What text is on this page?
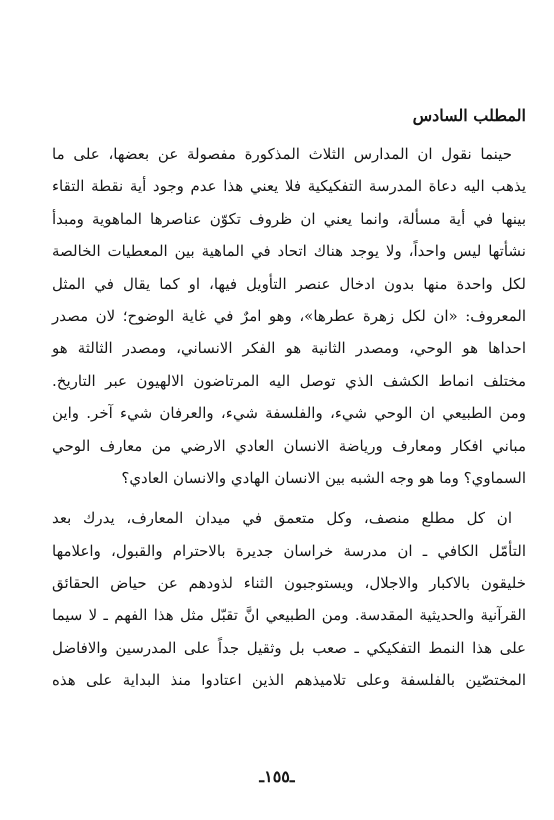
المطلب السادس
حينما نقول ان المدارس الثلاث المذكورة مفصولة عن بعضها، على ما
يذهب اليه دعاة المدرسة التفكيكية فلا يعني هذا عدم وجود أية نقطة التقاء
بينها في أية مسألة، وانما يعني ان ظروف تكوّن عناصرها الماهوية ومبدأ
نشأتها ليس واحداً، ولا يوجد هناك اتحاد في الماهية بين المعطيات الخالصة
لكل واحدة منها بدون ادخال عنصر التأويل فيها، او كما يقال في المثل
المعروف: «ان لكل زهرة عطرها»، وهو امرٌ في غاية الوضوح؛ لان مصدر
احداها هو الوحي، ومصدر الثانية هو الفكر الانساني، ومصدر الثالثة هو
مختلف انماط الكشف الذي توصل اليه المرتاضون الالهيون عبر التاريخ.
ومن الطبيعي ان الوحي شيء، والفلسفة شيء، والعرفان شيء آخر. واين
مباني افكار ومعارف ورياضة الانسان العادي الارضي من معارف الوحي
السماوي؟ وما هو وجه الشبه بين الانسان الهادي والانسان العادي؟
ان كل مطلع منصف، وكل متعمق في ميدان المعارف، يدرك بعد
التأمّل الكافي ـ ان مدرسة خراسان جديرة بالاحترام والقبول، واعلامها
خليقون بالاكبار والاجلال، ويستوجبون الثناء لذودهم عن حياض الحقائق
القرآنية والحديثية المقدسة. ومن الطبيعي انَّ تقبّل مثل هذا الفهم ـ لا سيما
على هذا النمط التفكيكي ـ صعب بل وثقيل جداً على المدرسين والافاضل
المختصّين بالفلسفة وعلى تلاميذهم الذين اعتادوا منذ البداية على هذه
ـ١٥٥ـ
